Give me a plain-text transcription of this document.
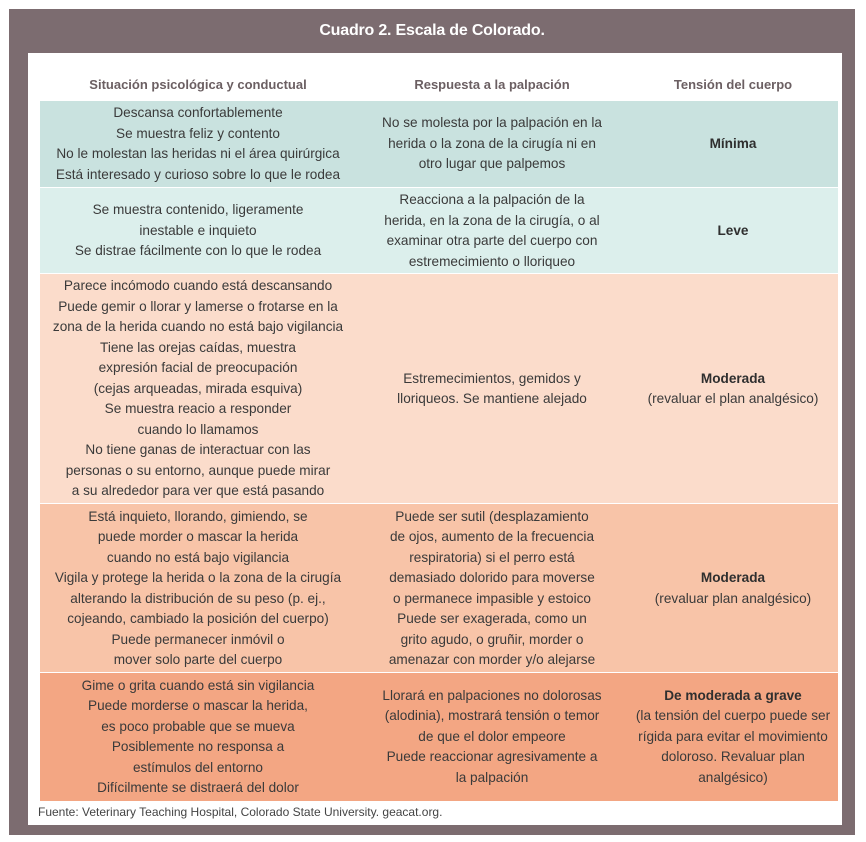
Cuadro 2. Escala de Colorado.
Situación psicológica y conductual	Respuesta a la palpación	Tensión del cuerpo
Descansa confortablemente
Se muestra feliz y contento
No le molestan las heridas ni el área quirúrgica
Está interesado y curioso sobre lo que le rodea
No se molesta por la palpación en la
herida o la zona de la cirugía ni en
otro lugar que palpemos
Mínima
Se muestra contenido, ligeramente
inestable e inquieto
Se distrae fácilmente con lo que le rodea
Reacciona a la palpación de la
herida, en la zona de la cirugía, o al
examinar otra parte del cuerpo con
estremecimiento o lloriqueo
Leve
Parece incómodo cuando está descansando
Puede gemir o llorar y lamerse o frotarse en la
zona de la herida cuando no está bajo vigilancia
Tiene las orejas caídas, muestra
expresión facial de preocupación
(cejas arqueadas, mirada esquiva)
Se muestra reacio a responder
cuando lo llamamos
No tiene ganas de interactuar con las
personas o su entorno, aunque puede mirar
a su alrededor para ver que está pasando
Estremecimientos, gemidos y
lloriqueos. Se mantiene alejado
Moderada
(revaluar el plan analgésico)
Está inquieto, llorando, gimiendo, se
puede morder o mascar la herida
cuando no está bajo vigilancia
Vigila y protege la herida o la zona de la cirugía
alterando la distribución de su peso (p. ej.,
cojeando, cambiado la posición del cuerpo)
Puede permanecer inmóvil o
mover solo parte del cuerpo
Puede ser sutil (desplazamiento
de ojos, aumento de la frecuencia
respiratoria) si el perro está
demasiado dolorido para moverse
o permanece impasible y estoico
Puede ser exagerada, como un
grito agudo, o gruñir, morder o
amenazar con morder y/o alejarse
Moderada
(revaluar plan analgésico)
Gime o grita cuando está sin vigilancia
Puede morderse o mascar la herida,
es poco probable que se mueva
Posiblemente no responsa a
estímulos del entorno
Difícilmente se distraerá del dolor
Llorará en palpaciones no dolorosas
(alodinia), mostrará tensión o temor
de que el dolor empeore
Puede reaccionar agresivamente a
la palpación
De moderada a grave
(la tensión del cuerpo puede ser
rígida para evitar el movimiento
doloroso. Revaluar plan analgésico)
Fuente: Veterinary Teaching Hospital, Colorado State University. geacat.org.
